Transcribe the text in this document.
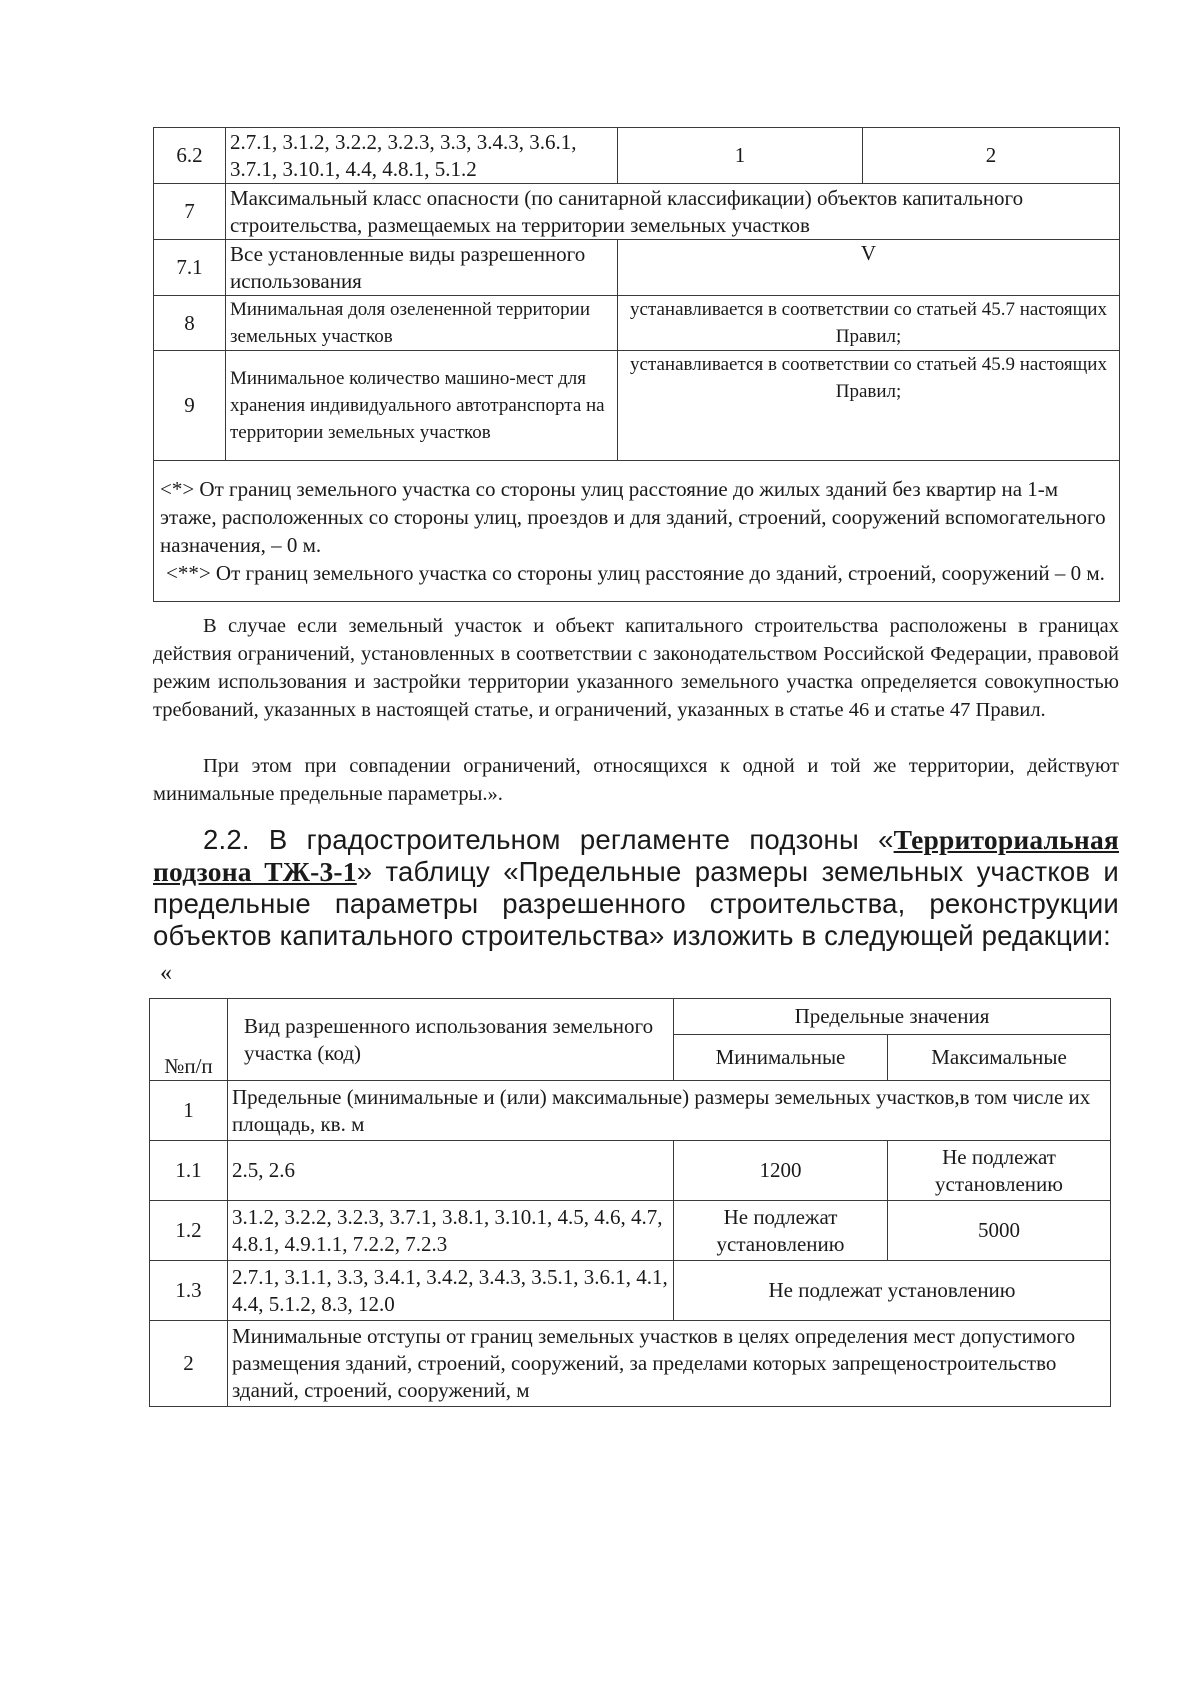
6.2	2.7.1, 3.1.2, 3.2.2, 3.2.3, 3.3, 3.4.3, 3.6.1, 3.7.1, 3.10.1, 4.4, 4.8.1, 5.1.2	1	2
7	Максимальный класс опасности (по санитарной классификации) объектов капитального строительства, размещаемых на территории земельных участков		
7.1	Все установленные виды разрешенного использования	V	
8	Минимальная доля озелененной территории земельных участков	устанавливается в соответствии со статьей 45.7 настоящих Правил;	
9	Минимальное количество машино-мест для хранения индивидуального автотранспорта на территории земельных участков	устанавливается в соответствии со статьей 45.9 настоящих Правил;	

<*> От границ земельного участка со стороны улиц расстояние до жилых зданий без квартир на 1-м этаже, расположенных со стороны улиц, проездов и для зданий, строений, сооружений вспомогательного назначения, – 0 м.
<**> От границ земельного участка со стороны улиц расстояние до зданий, строений, сооружений – 0 м.			
В случае если земельный участок и объект капитального строительства расположены в границах действия ограничений, установленных в соответствии с законодательством Российской Федерации, правовой режим использования и застройки территории указанного земельного участка определяется совокупностью требований, указанных в настоящей статье, и ограничений, указанных в статье 46 и статье 47 Правил.
При этом при совпадении ограничений, относящихся к одной и той же территории, действуют минимальные предельные параметры.».
2.2. В градостроительном регламенте подзоны «Территориальная подзона ТЖ-3-1» таблицу «Предельные размеры земельных участков и предельные параметры разрешенного строительства, реконструкции объектов капитального строительства» изложить в следующей редакции:
«
№п/п	Вид разрешенного использования земельного участка (код)	Предельные значения	
		Минимальные	Максимальные
1	Предельные (минимальные и (или) максимальные) размеры земельных участков,в том числе их площадь, кв. м		
1.1	2.5, 2.6	1200	Не подлежат установлению
1.2	3.1.2, 3.2.2, 3.2.3, 3.7.1, 3.8.1, 3.10.1, 4.5, 4.6, 4.7, 4.8.1, 4.9.1.1, 7.2.2, 7.2.3	Не подлежат установлению	5000
1.3	2.7.1, 3.1.1, 3.3, 3.4.1, 3.4.2, 3.4.3, 3.5.1, 3.6.1, 4.1, 4.4, 5.1.2, 8.3, 12.0	Не подлежат установлению	
2	Минимальные отступы от границ земельных участков в целях определения мест допустимого размещения зданий, строений, сооружений, за пределами которых запрещеностроительство зданий, строений, сооружений, м		
